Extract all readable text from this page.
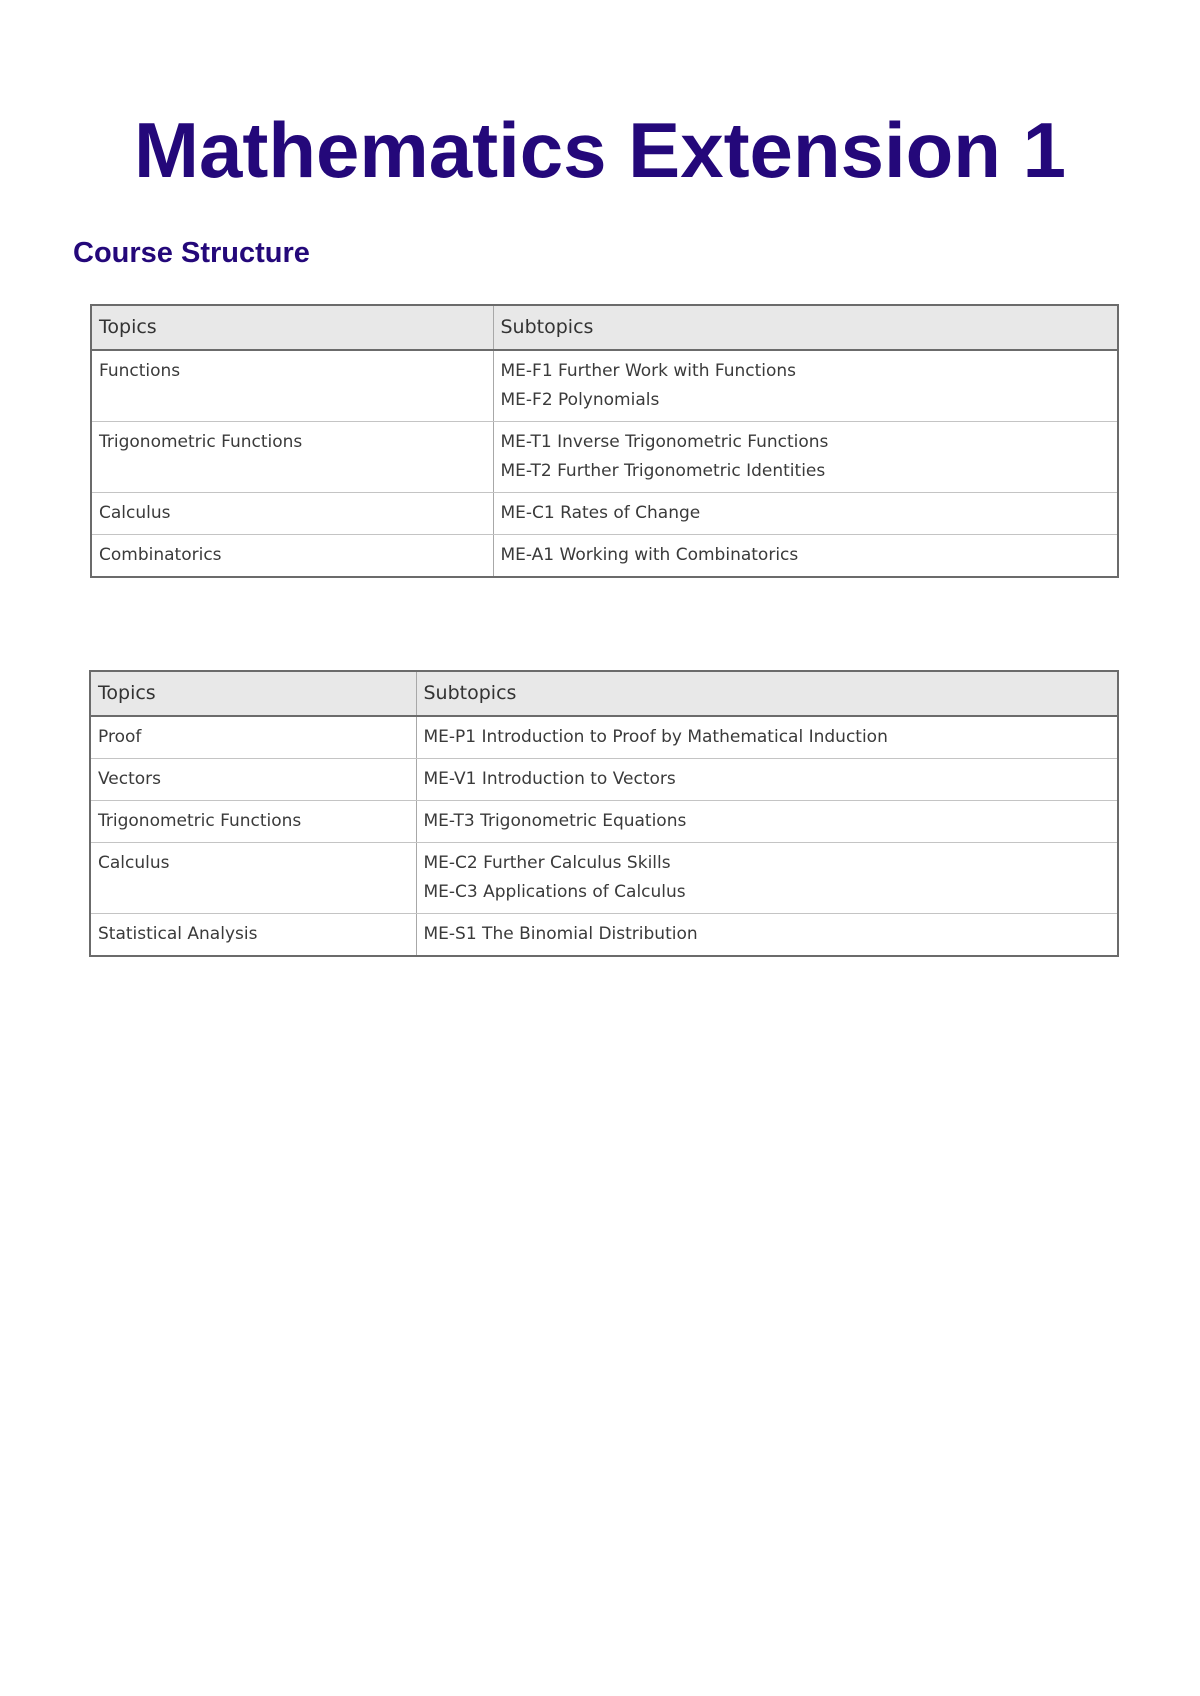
Mathematics Extension 1
Course Structure
Topics	Subtopics
Functions	ME-F1 Further Work with Functions
ME-F2 Polynomials

Trigonometric Functions	ME-T1 Inverse Trigonometric Functions
ME-T2 Further Trigonometric Identities

Calculus	ME-C1 Rates of Change

Combinatorics	ME-A1 Working with Combinatorics
Topics	Subtopics
Proof	ME-P1 Introduction to Proof by Mathematical Induction

Vectors	ME-V1 Introduction to Vectors

Trigonometric Functions	ME-T3 Trigonometric Equations

Calculus	ME-C2 Further Calculus Skills
ME-C3 Applications of Calculus

Statistical Analysis	ME-S1 The Binomial Distribution
